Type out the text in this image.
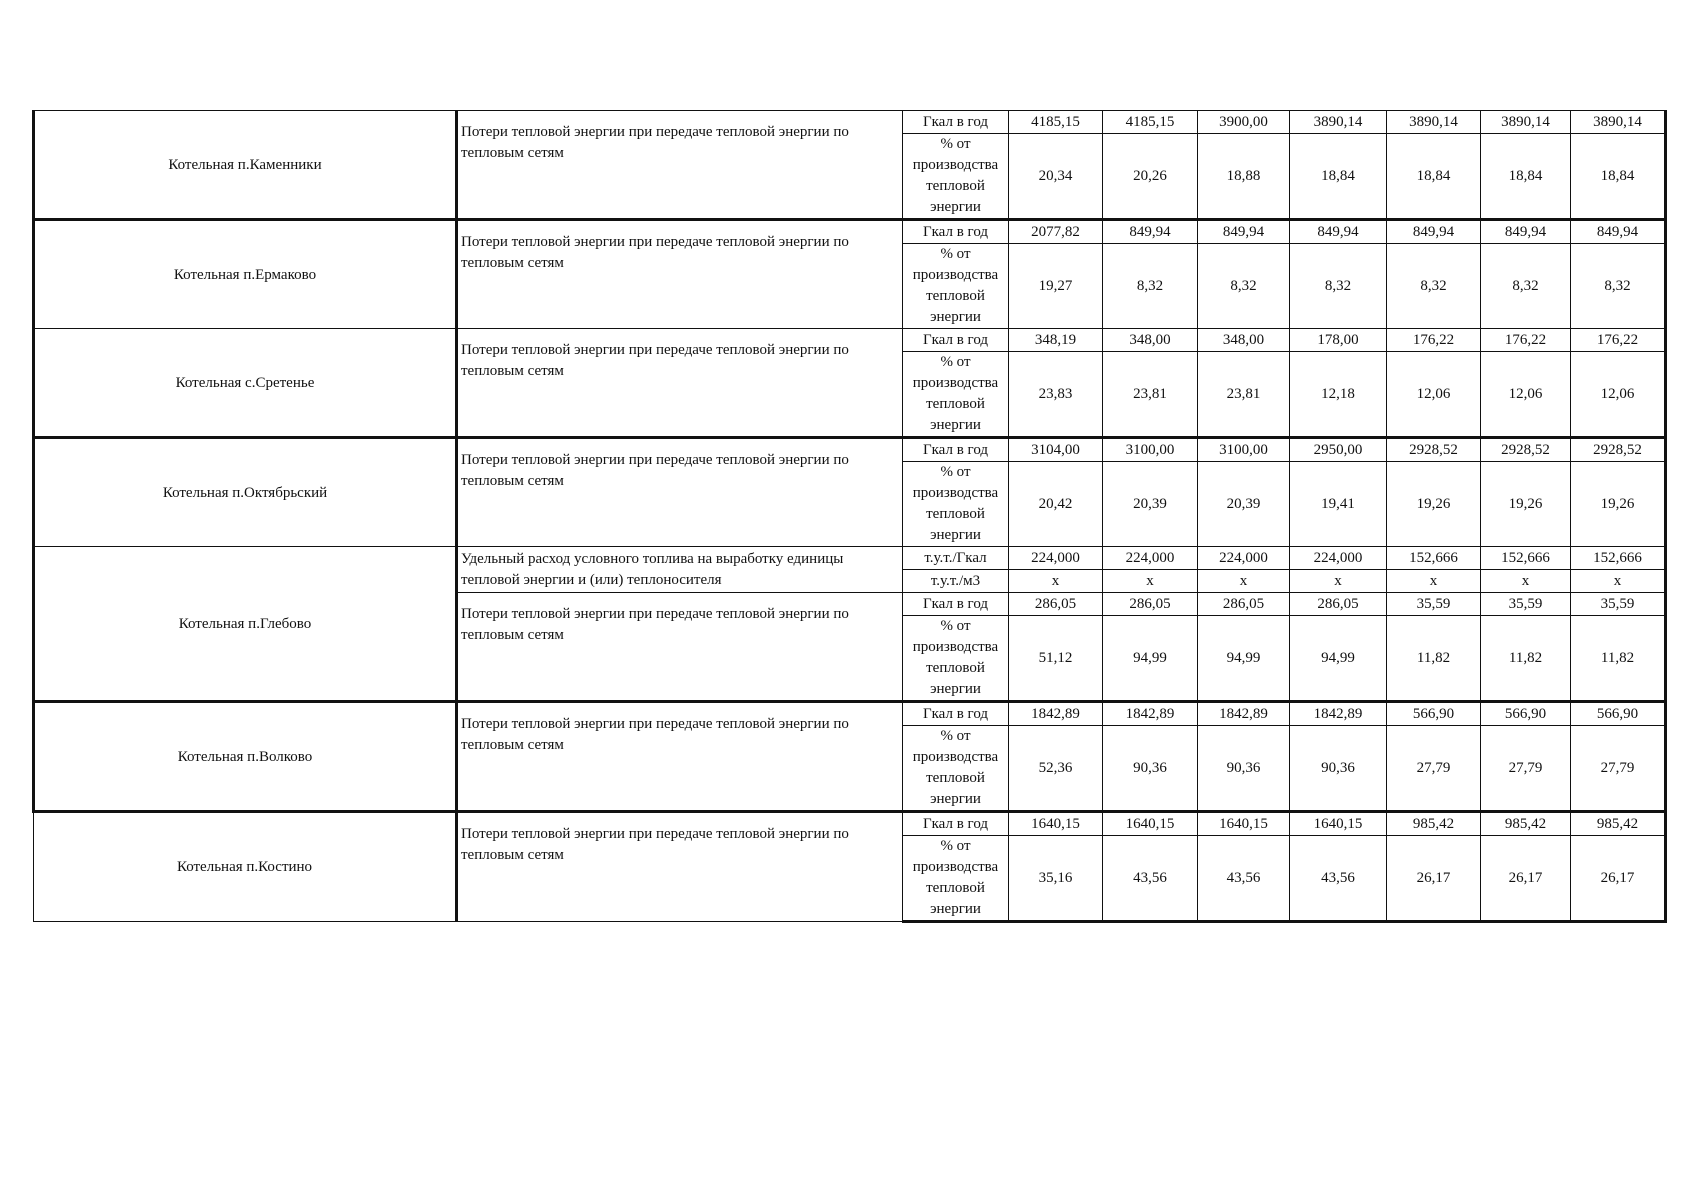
Котельная п.Каменники	Потери тепловой энергии при передаче тепловой энергии по тепловым сетям	Гкал в год	4185,15	4185,15	3900,00	3890,14	3890,14	3890,14	3890,14
		% от производства тепловой энергии	20,34	20,26	18,88	18,84	18,84	18,84	18,84
Котельная п.Ермаково	Потери тепловой энергии при передаче тепловой энергии по тепловым сетям	Гкал в год	2077,82	849,94	849,94	849,94	849,94	849,94	849,94
		% от производства тепловой энергии	19,27	8,32	8,32	8,32	8,32	8,32	8,32
Котельная с.Сретенье	Потери тепловой энергии при передаче тепловой энергии по тепловым сетям	Гкал в год	348,19	348,00	348,00	178,00	176,22	176,22	176,22
		% от производства тепловой энергии	23,83	23,81	23,81	12,18	12,06	12,06	12,06
Котельная п.Октябрьский	Потери тепловой энергии при передаче тепловой энергии по тепловым сетям	Гкал в год	3104,00	3100,00	3100,00	2950,00	2928,52	2928,52	2928,52
		% от производства тепловой энергии	20,42	20,39	20,39	19,41	19,26	19,26	19,26
Котельная п.Глебово	Удельный расход условного топлива на выработку единицы тепловой энергии и (или) теплоносителя	т.у.т./Гкал	224,000	224,000	224,000	224,000	152,666	152,666	152,666
		т.у.т./м3	х	х	х	х	х	х	х
	Потери тепловой энергии при передаче тепловой энергии по тепловым сетям	Гкал в год	286,05	286,05	286,05	286,05	35,59	35,59	35,59
		% от производства тепловой энергии	51,12	94,99	94,99	94,99	11,82	11,82	11,82
Котельная п.Волково	Потери тепловой энергии при передаче тепловой энергии по тепловым сетям	Гкал в год	1842,89	1842,89	1842,89	1842,89	566,90	566,90	566,90
		% от производства тепловой энергии	52,36	90,36	90,36	90,36	27,79	27,79	27,79
Котельная п.Костино	Потери тепловой энергии при передаче тепловой энергии по тепловым сетям	Гкал в год	1640,15	1640,15	1640,15	1640,15	985,42	985,42	985,42
		% от производства тепловой энергии	35,16	43,56	43,56	43,56	26,17	26,17	26,17
